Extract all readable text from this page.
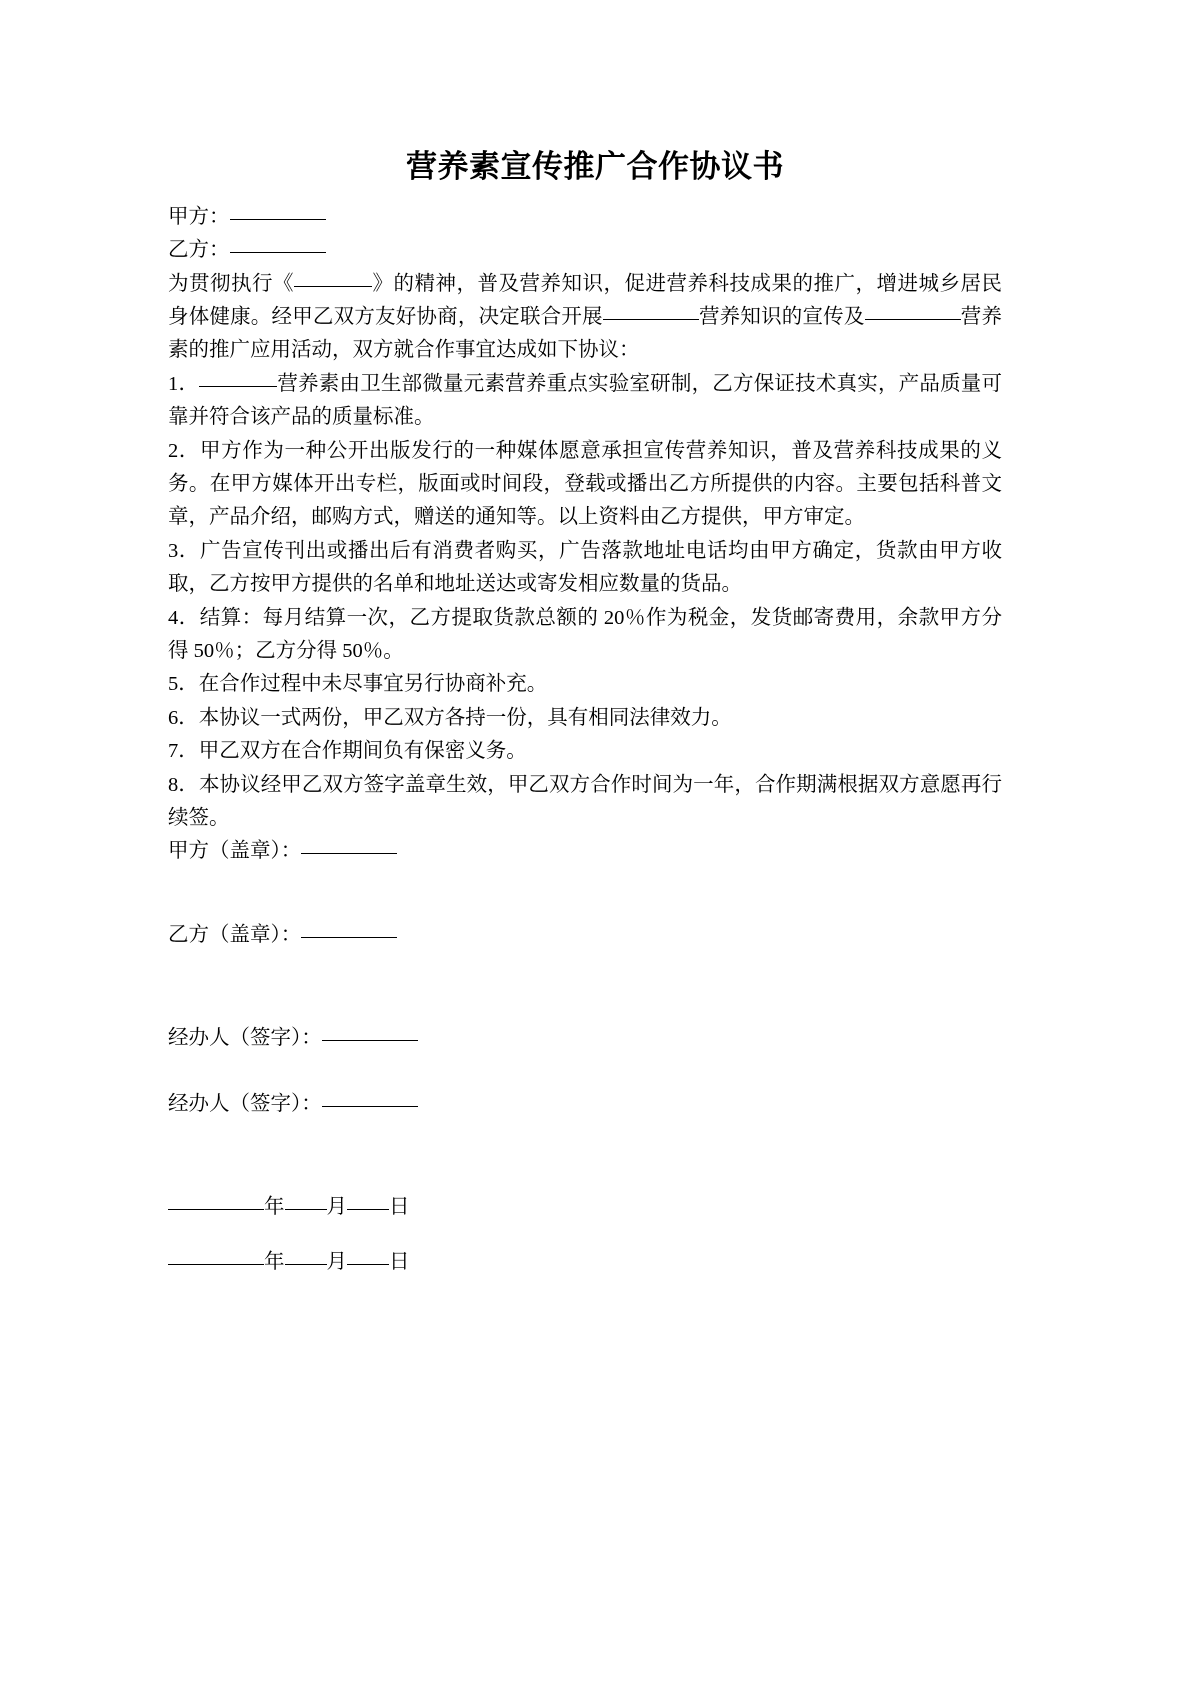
营养素宣传推广合作协议书

甲方：

乙方：

为贯彻执行《	》的精神，普及营养知识，促进营养科技成果的推广，增进城乡居民身体健康。经甲乙双方友好协商，决定联合开展	营养知识的宣传及	营养素的推广应用活动，双方就合作事宜达成如下协议：

1．	营养素由卫生部微量元素营养重点实验室研制，乙方保证技术真实，产品质量可靠并符合该产品的质量标准。

2．甲方作为一种公开出版发行的一种媒体愿意承担宣传营养知识，普及营养科技成果的义务。在甲方媒体开出专栏，版面或时间段，登载或播出乙方所提供的内容。主要包括科普文章，产品介绍，邮购方式，赠送的通知等。以上资料由乙方提供，甲方审定。

3．广告宣传刊出或播出后有消费者购买，广告落款地址电话均由甲方确定，货款由甲方收取，乙方按甲方提供的名单和地址送达或寄发相应数量的货品。

4．结算：每月结算一次，乙方提取货款总额的 20％作为税金，发货邮寄费用，余款甲方分得 50％；乙方分得 50％。

5．在合作过程中未尽事宜另行协商补充。

6．本协议一式两份，甲乙双方各持一份，具有相同法律效力。

7．甲乙双方在合作期间负有保密义务。

8．本协议经甲乙双方签字盖章生效，甲乙双方合作时间为一年，合作期满根据双方意愿再行续签。

甲方（盖章）：

乙方（盖章）：

经办人（签字）：

经办人（签字）：

年 月 日

年 月 日
